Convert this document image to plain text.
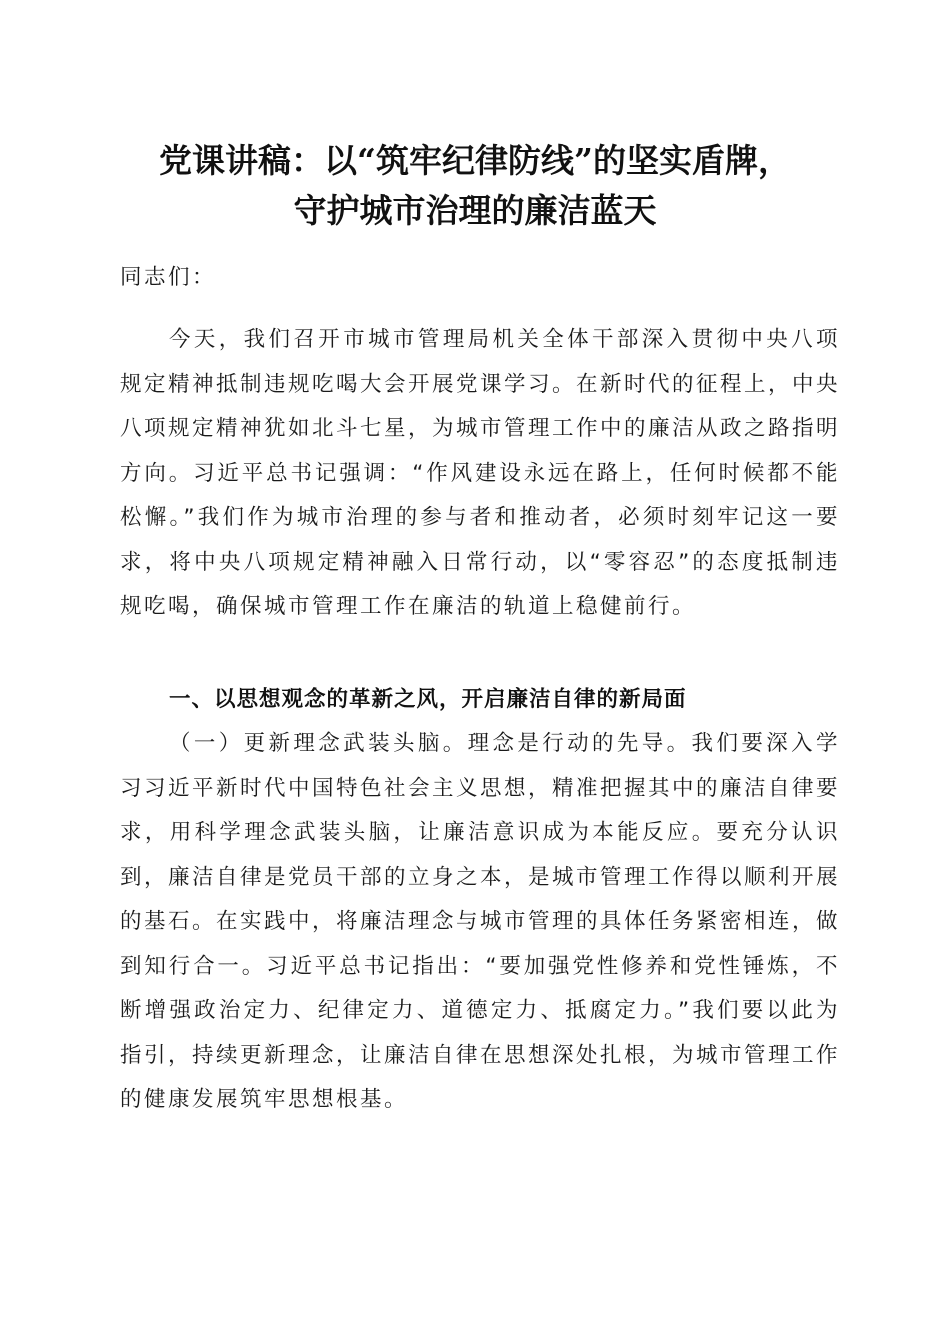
党课讲稿：以“筑牢纪律防线”的坚实盾牌，
守护城市治理的廉洁蓝天
同志们：
今天，我们召开市城市管理局机关全体干部深入贯彻中央八项规定精神抵制违规吃喝大会开展党课学习。在新时代的征程上，中央八项规定精神犹如北斗七星，为城市管理工作中的廉洁从政之路指明方向。习近平总书记强调：“作风建设永远在路上，任何时候都不能松懈。”我们作为城市治理的参与者和推动者，必须时刻牢记这一要求，将中央八项规定精神融入日常行动，以“零容忍”的态度抵制违规吃喝，确保城市管理工作在廉洁的轨道上稳健前行。
一、以思想观念的革新之风，开启廉洁自律的新局面
（一）更新理念武装头脑。理念是行动的先导。我们要深入学习习近平新时代中国特色社会主义思想，精准把握其中的廉洁自律要求，用科学理念武装头脑，让廉洁意识成为本能反应。要充分认识到，廉洁自律是党员干部的立身之本，是城市管理工作得以顺利开展的基石。在实践中，将廉洁理念与城市管理的具体任务紧密相连，做到知行合一。习近平总书记指出：“要加强党性修养和党性锤炼，不断增强政治定力、纪律定力、道德定力、抵腐定力。”我们要以此为指引，持续更新理念，让廉洁自律在思想深处扎根，为城市管理工作的健康发展筑牢思想根基。
